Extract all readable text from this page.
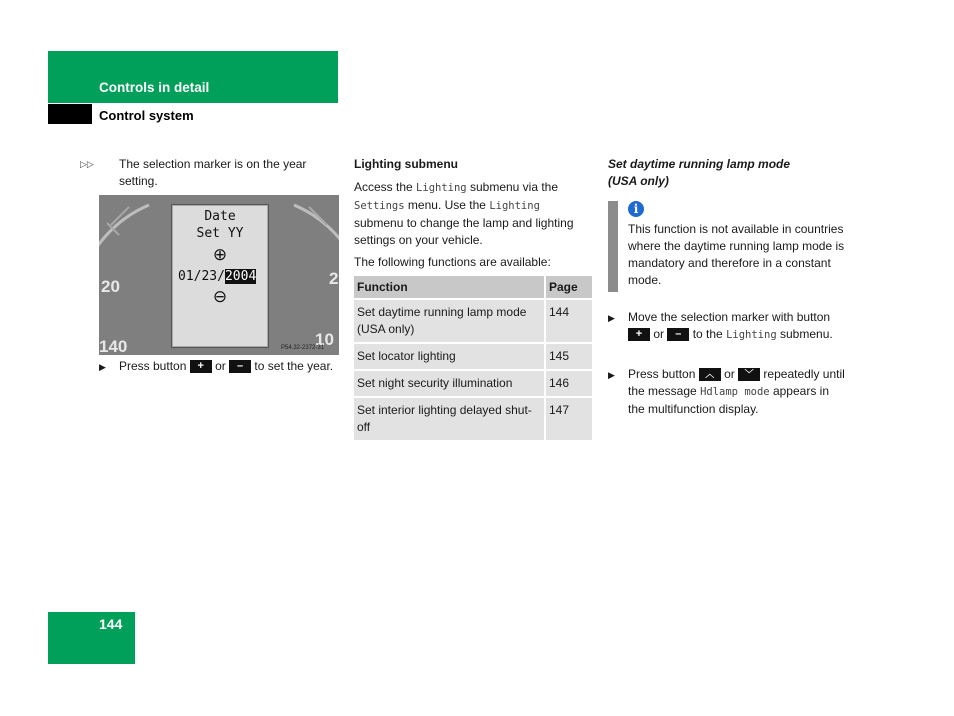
Controls in detail
Control system
▷▷ The selection marker is on the year setting.
20
140
2
10
Date
Set YY
⊕
01/23/2004
⊖
P54.32-2372-31
▶	Press button + or – to set the year.
Lighting submenu
Access the Lighting submenu via the Settings menu. Use the Lighting submenu to change the lamp and lighting settings on your vehicle.
The following functions are available:
Function	Page
Set daytime running lamp mode (USA only)	144
Set locator lighting	145
Set night security illumination	146
Set interior lighting delayed shut-off	147
Set daytime running lamp mode
(USA only)
i
This function is not available in countries where the daytime running lamp mode is mandatory and therefore in a constant mode.
▶	Move the selection marker with button + or – to the Lighting submenu.
▶	Press button ︿ or ﹀ repeatedly until the message Hdlamp mode appears in the multifunction display.
144
